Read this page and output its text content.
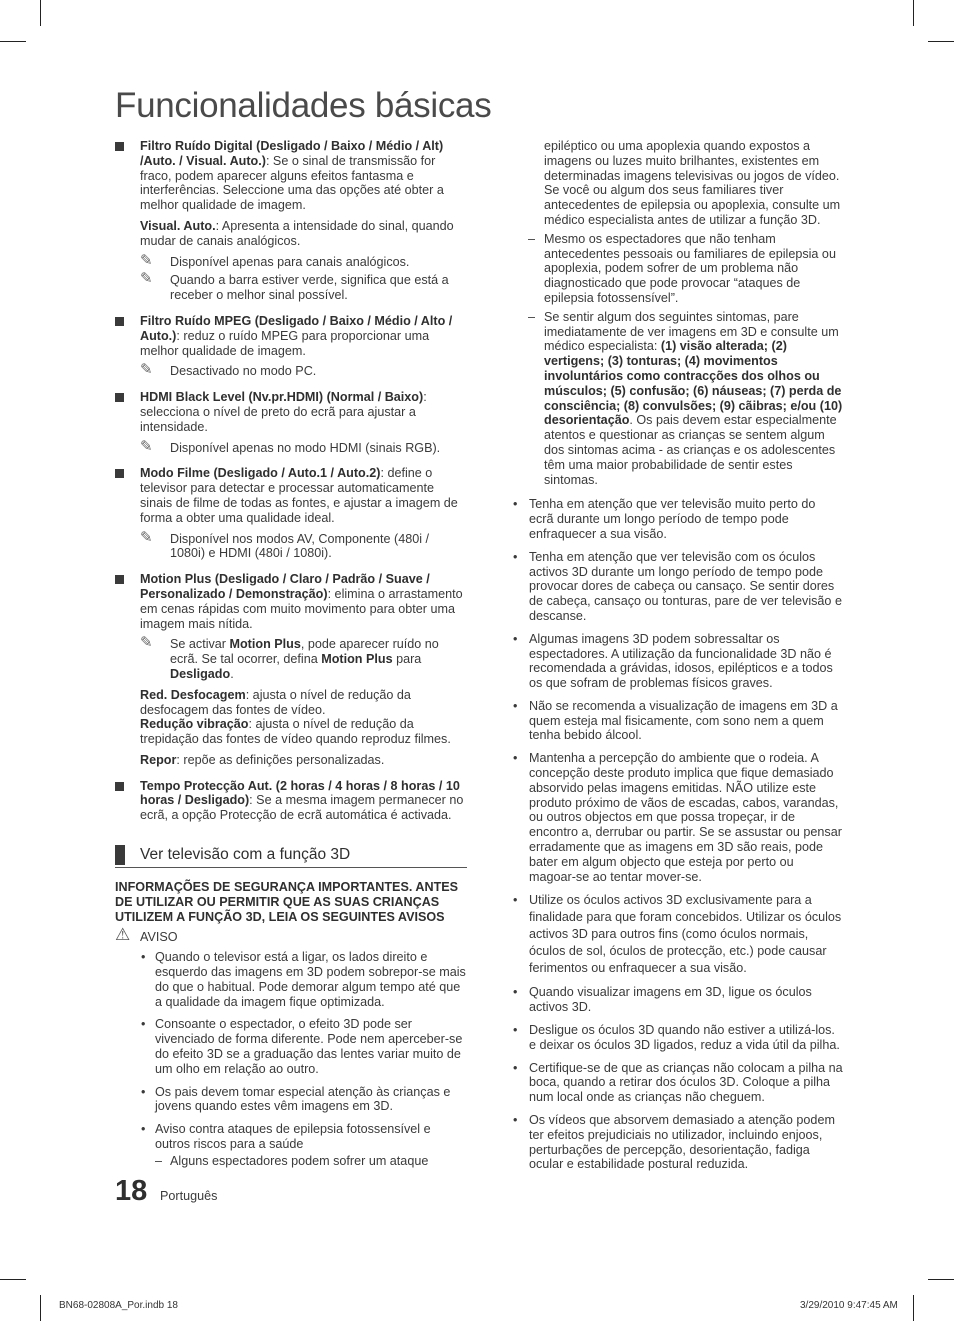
Funcionalidades básicas

Filtro Ruído Digital (Desligado / Baixo / Médio / Alt) /Auto. / Visual. Auto.): Se o sinal de transmissão for fraco, podem aparecer alguns efeitos fantasma e interferências. Seleccione uma das opções até obter a melhor qualidade de imagem.

Visual. Auto.: Apresenta a intensidade do sinal, quando mudar de canais analógicos.

✎ Disponível apenas para canais analógicos.

✎ Quando a barra estiver verde, significa que está a receber o melhor sinal possível.

Filtro Ruído MPEG (Desligado / Baixo / Médio / Alto / Auto.): reduz o ruído MPEG para proporcionar uma melhor qualidade de imagem.

✎ Desactivado no modo PC.

HDMI Black Level (Nv.pr.HDMI) (Normal / Baixo): selecciona o nível de preto do ecrã para ajustar a intensidade.

✎ Disponível apenas no modo HDMI (sinais RGB).

Modo Filme (Desligado / Auto.1 / Auto.2): define o televisor para detectar e processar automaticamente sinais de filme de todas as fontes, e ajustar a imagem de forma a obter uma qualidade ideal.

✎ Disponível nos modos AV, Componente (480i / 1080i) e HDMI (480i / 1080i).

Motion Plus (Desligado / Claro / Padrão / Suave / Personalizado / Demonstração): elimina o arrastamento em cenas rápidas com muito movimento para obter uma imagem mais nítida.

✎ Se activar Motion Plus, pode aparecer ruído no ecrã. Se tal ocorrer, defina Motion Plus para Desligado.

Red. Desfocagem: ajusta o nível de redução da desfocagem das fontes de vídeo.

Redução vibração: ajusta o nível de redução da trepidação das fontes de vídeo quando reproduz filmes.

Repor: repõe as definições personalizadas.

Tempo Protecção Aut. (2 horas / 4 horas / 8 horas / 10 horas / Desligado): Se a mesma imagem permanecer no ecrã, a opção Protecção de ecrã automática é activada.

Ver televisão com a função 3D

INFORMAÇÕES DE SEGURANÇA IMPORTANTES. ANTES DE UTILIZAR OU PERMITIR QUE AS SUAS CRIANÇAS UTILIZEM A FUNÇÃO 3D, LEIA OS SEGUINTES AVISOS

⚠ AVISO

• Quando o televisor está a ligar, os lados direito e esquerdo das imagens em 3D podem sobrepor-se mais do que o habitual. Pode demorar algum tempo até que a qualidade da imagem fique optimizada.

• Consoante o espectador, o efeito 3D pode ser vivenciado de forma diferente. Pode nem aperceber-se do efeito 3D se a graduação das lentes variar muito de um olho em relação ao outro.

• Os pais devem tomar especial atenção às crianças e jovens quando estes vêm imagens em 3D.

• Aviso contra ataques de epilepsia fotossensível e outros riscos para a saúde

– Alguns espectadores podem sofrer um ataque

epiléptico ou uma apoplexia quando expostos a imagens ou luzes muito brilhantes, existentes em determinadas imagens televisivas ou jogos de vídeo. Se você ou algum dos seus familiares tiver antecedentes de epilepsia ou apoplexia, consulte um médico especialista antes de utilizar a função 3D.

– Mesmo os espectadores que não tenham antecedentes pessoais ou familiares de epilepsia ou apoplexia, podem sofrer de um problema não diagnosticado que pode provocar “ataques de epilepsia fotossensível”.

– Se sentir algum dos seguintes sintomas, pare imediatamente de ver imagens em 3D e consulte um médico especialista: (1) visão alterada; (2) vertigens; (3) tonturas; (4) movimentos involuntários como contracções dos olhos ou músculos; (5) confusão; (6) náuseas; (7) perda de consciência; (8) convulsões; (9) cãibras; e/ou (10) desorientação. Os pais devem estar especialmente atentos e questionar as crianças se sentem algum dos sintomas acima - as crianças e os adolescentes têm uma maior probabilidade de sentir estes sintomas.

• Tenha em atenção que ver televisão muito perto do ecrã durante um longo período de tempo pode enfraquecer a sua visão.

• Tenha em atenção que ver televisão com os óculos activos 3D durante um longo período de tempo pode provocar dores de cabeça ou cansaço. Se sentir dores de cabeça, cansaço ou tonturas, pare de ver televisão e descanse.

• Algumas imagens 3D podem sobressaltar os espectadores. A utilização da funcionalidade 3D não é recomendada a grávidas, idosos, epilépticos e a todos os que sofram de problemas físicos graves.

• Não se recomenda a visualização de imagens em 3D a quem esteja mal fisicamente, com sono nem a quem tenha bebido álcool.

• Mantenha a percepção do ambiente que o rodeia. A concepção deste produto implica que fique demasiado absorvido pelas imagens emitidas. NÃO utilize este produto próximo de vãos de escadas, cabos, varandas, ou outros objectos em que possa tropeçar, ir de encontro a, derrubar ou partir. Se se assustar ou pensar erradamente que as imagens em 3D são reais, pode bater em algum objecto que esteja por perto ou magoar-se ao tentar mover-se.

• Utilize os óculos activos 3D exclusivamente para a finalidade para que foram concebidos. Utilizar os óculos activos 3D para outros fins (como óculos normais, óculos de sol, óculos de protecção, etc.) pode causar ferimentos ou enfraquecer a sua visão.

• Quando visualizar imagens em 3D, ligue os óculos activos 3D.

• Desligue os óculos 3D quando não estiver a utilizá-los. e deixar os óculos 3D ligados, reduz a vida útil da pilha.

• Certifique-se de que as crianças não colocam a pilha na boca, quando a retirar dos óculos 3D. Coloque a pilha num local onde as crianças não cheguem.

• Os vídeos que absorvem demasiado a atenção podem ter efeitos prejudiciais no utilizador, incluindo enjoos, perturbações de percepção, desorientação, fadiga ocular e estabilidade postural reduzida.

18 Português
BN68-02808A_Por.indb 18	3/29/2010 9:47:45 AM
